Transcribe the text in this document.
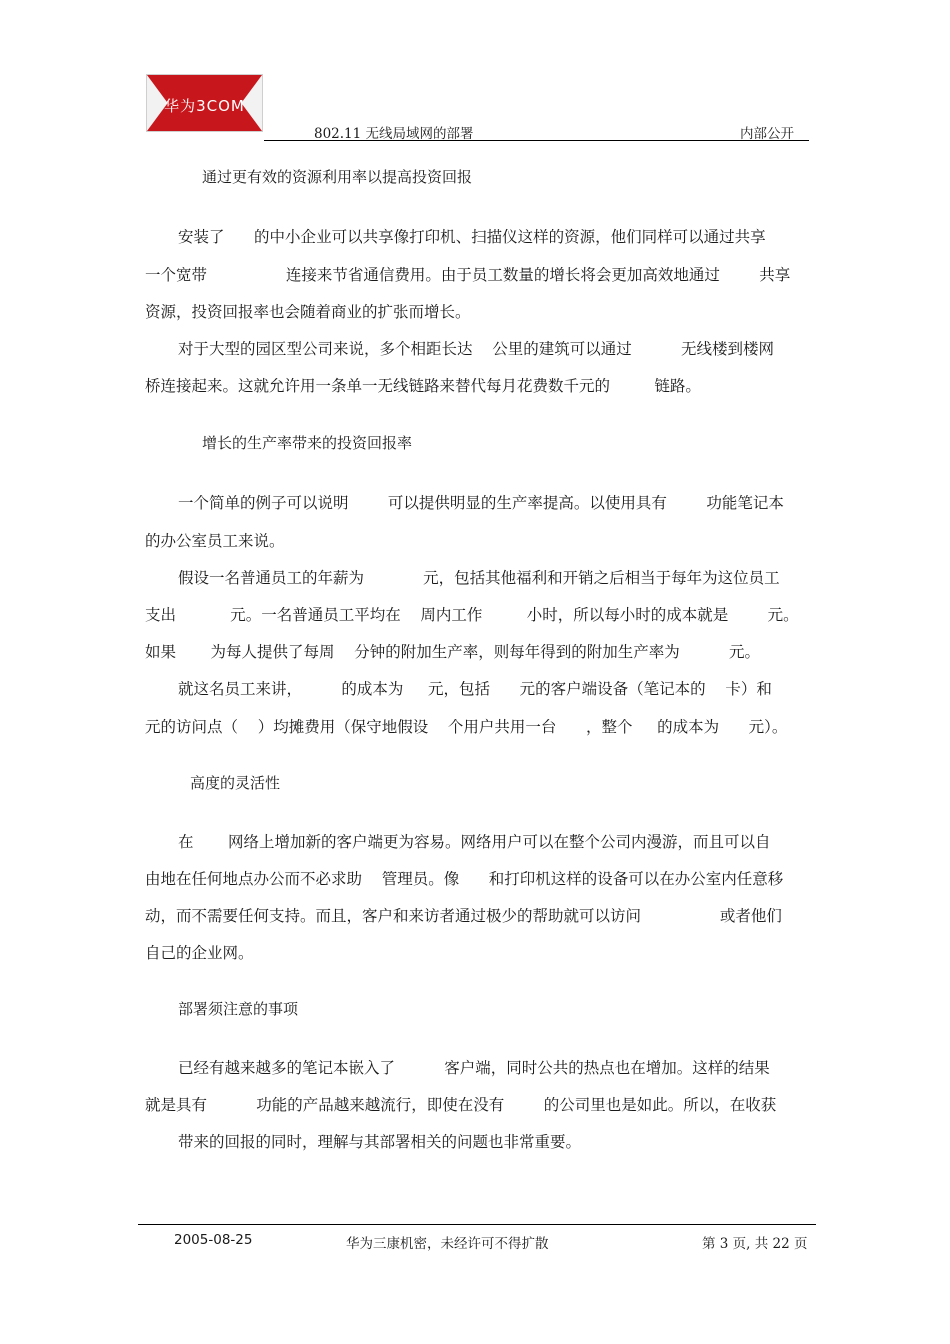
华为3COM
802.11 无线局域网的部署	内部公开
通过更有效的资源利用率以提高投资回报
安装了      的中小企业可以共享像打印机、扫描仪这样的资源，他们同样可以通过共享
一个宽带                连接来节省通信费用。由于员工数量的增长将会更加高效地通过        共享
资源，投资回报率也会随着商业的扩张而增长。
对于大型的园区型公司来说，多个相距长达    公里的建筑可以通过          无线楼到楼网
桥连接起来。这就允许用一条单一无线链路来替代每月花费数千元的         链路。
增长的生产率带来的投资回报率
一个简单的例子可以说明        可以提供明显的生产率提高。以使用具有        功能笔记本
的办公室员工来说。
假设一名普通员工的年薪为            元，包括其他福利和开销之后相当于每年为这位员工
支出           元。一名普通员工平均在    周内工作         小时，所以每小时的成本就是        元。
如果       为每人提供了每周    分钟的附加生产率，则每年得到的附加生产率为          元。
就这名员工来讲，        的成本为     元，包括      元的客户端设备（笔记本的    卡）和
元的访问点（    ）均摊费用（保守地假设    个用户共用一台      ，整个     的成本为      元）。
高度的灵活性
在       网络上增加新的客户端更为容易。网络用户可以在整个公司内漫游，而且可以自
由地在任何地点办公而不必求助    管理员。像      和打印机这样的设备可以在办公室内任意移
动，而不需要任何支持。而且，客户和来访者通过极少的帮助就可以访问                或者他们
自己的企业网。
部署须注意的事项
已经有越来越多的笔记本嵌入了          客户端，同时公共的热点也在增加。这样的结果
就是具有          功能的产品越来越流行，即使在没有        的公司里也是如此。所以，在收获
带来的回报的同时，理解与其部署相关的问题也非常重要。
2005-08-25	华为三康机密，未经许可不得扩散	第 3 页, 共 22 页
